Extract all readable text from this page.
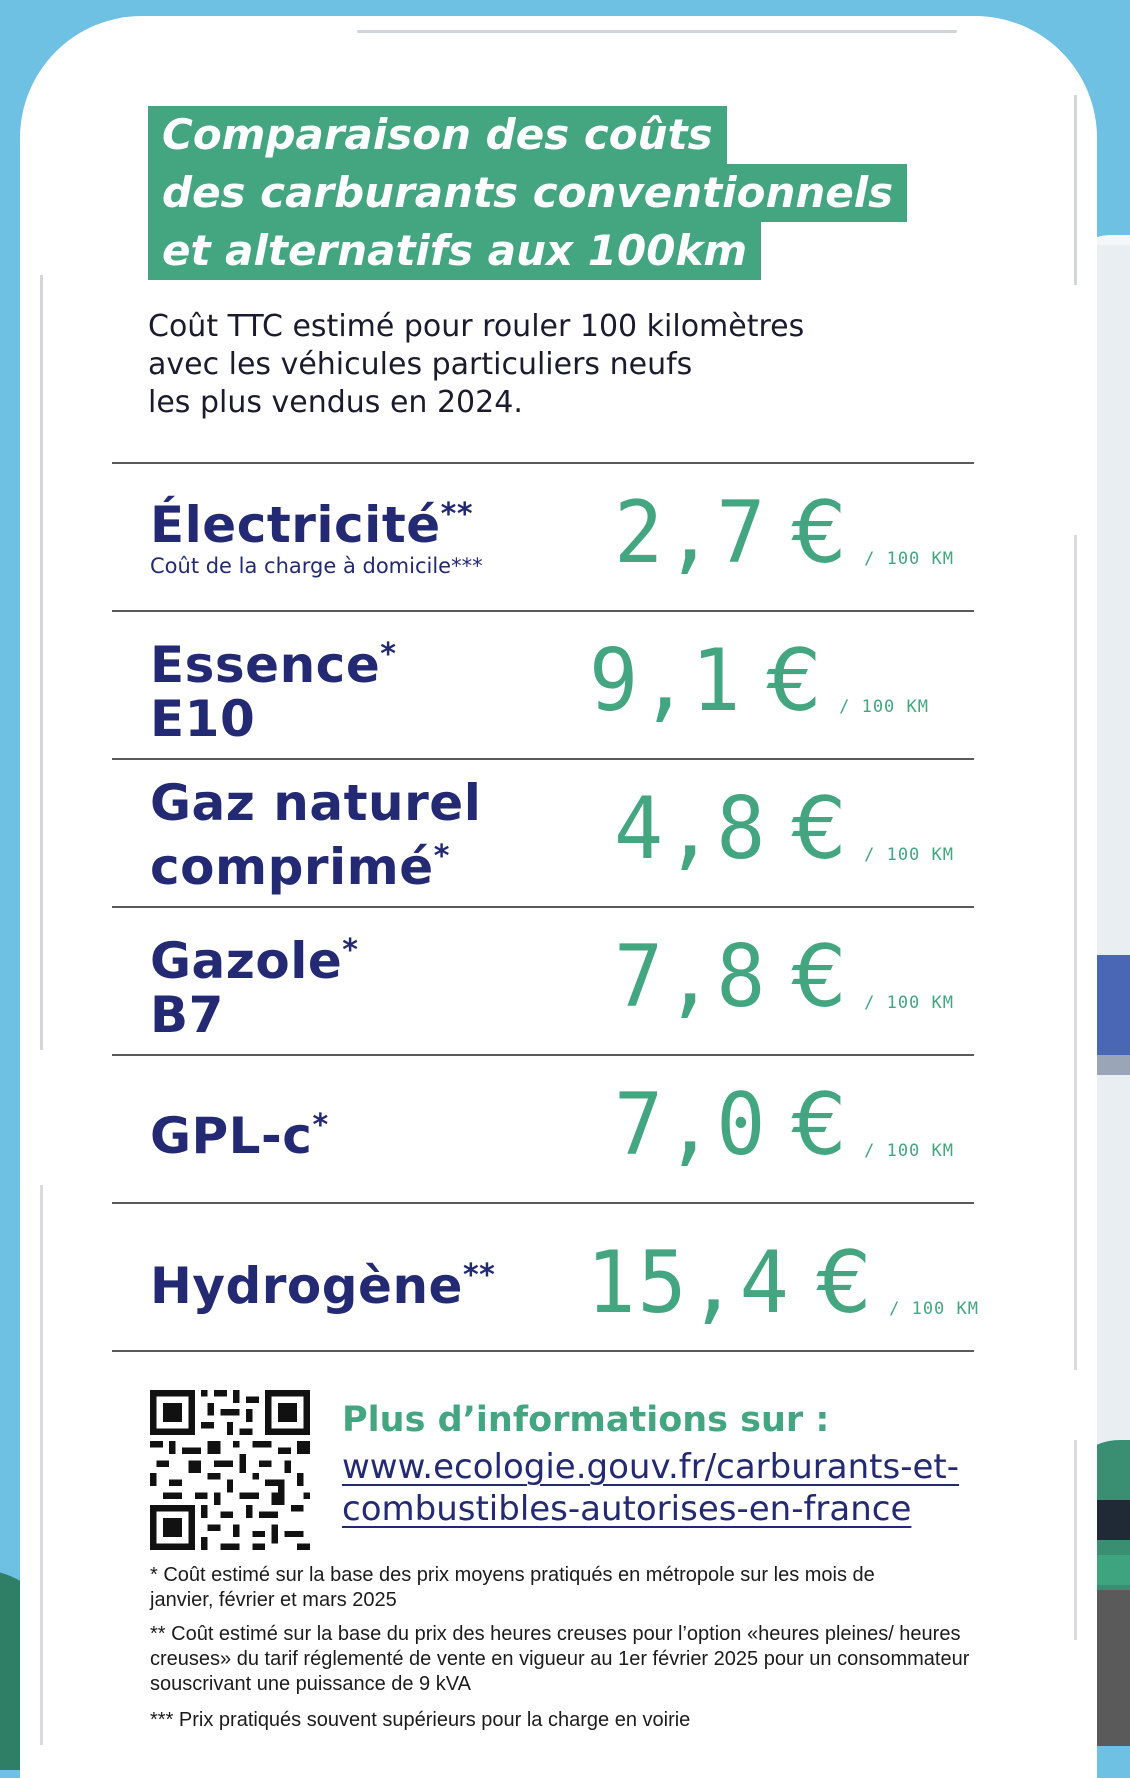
Comparaison des coûts
des carburants conventionnels
et alternatifs aux 100km
Coût TTC estimé pour rouler 100 kilomètres
avec les véhicules particuliers neufs
les plus vendus en 2024.
Électricité**
Coût de la charge à domicile*** 2,7 € / 100 KM
Essence*
E10	9,1 € / 100 KM
Gaz naturel
comprimé*	4,8 € / 100 KM
Gazole*
B7	7,8 € / 100 KM
GPL-c*	7,0 € / 100 KM
Hydrogène** 15,4 € / 100 KM
Plus d’informations sur :
www.ecologie.gouv.fr/carburants-et-
combustibles-autorises-en-france
* Coût estimé sur la base des prix moyens pratiqués en métropole sur les mois de janvier, février et mars 2025
** Coût estimé sur la base du prix des heures creuses pour l’option «heures pleines/ heures creuses» du tarif réglementé de vente en vigueur au 1er février 2025 pour un consommateur souscrivant une puissance de 9 kVA
*** Prix pratiqués souvent supérieurs pour la charge en voirie
